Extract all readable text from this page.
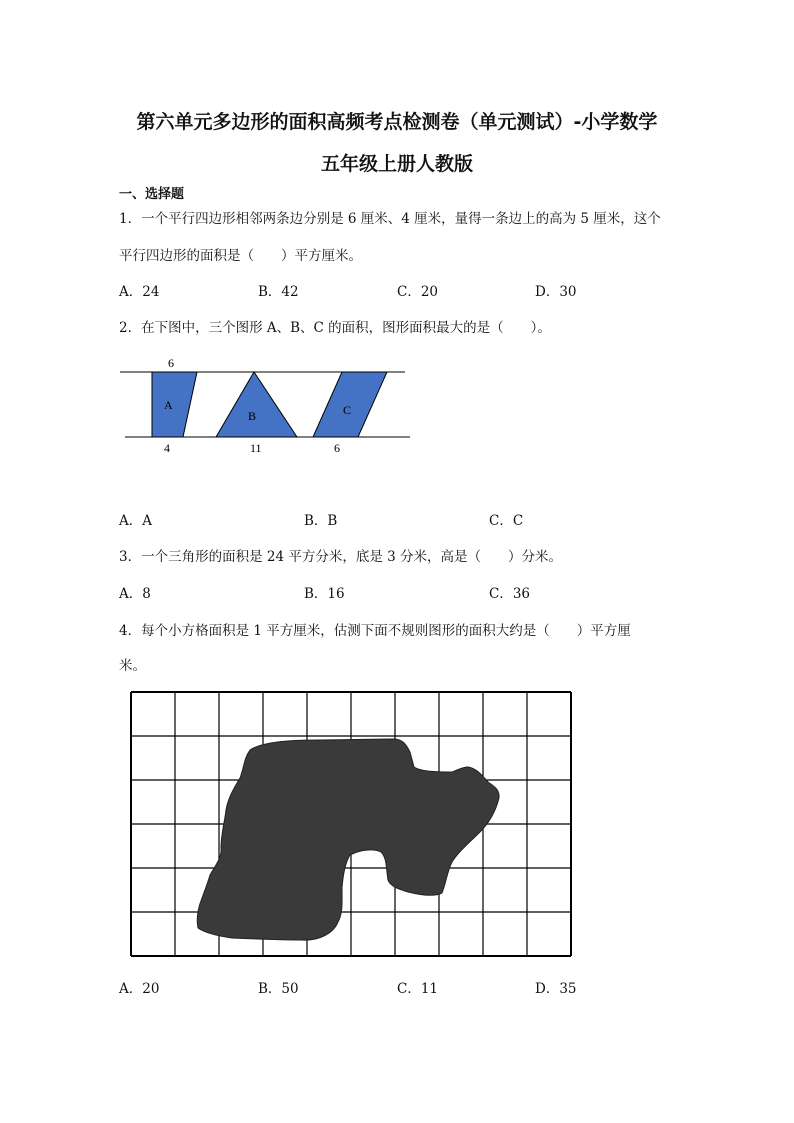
第六单元多边形的面积高频考点检测卷（单元测试）-小学数学
五年级上册人教版
一、选择题
1．一个平行四边形相邻两条边分别是 6 厘米、4 厘米，量得一条边上的高为 5 厘米，这个
平行四边形的面积是（　　）平方厘米。
A．24	B．42	C．20	D．30
2．在下图中，三个图形 A、B、C 的面积，图形面积最大的是（　　）。
6
A
B	C
4	11	6
A．A	B．B	C．C
3．一个三角形的面积是 24 平方分米，底是 3 分米，高是（　　）分米。
A．8	B．16	C．36
4．每个小方格面积是 1 平方厘米，估测下面不规则图形的面积大约是（　　）平方厘
米。
A．20	B．50	C．11	D．35
